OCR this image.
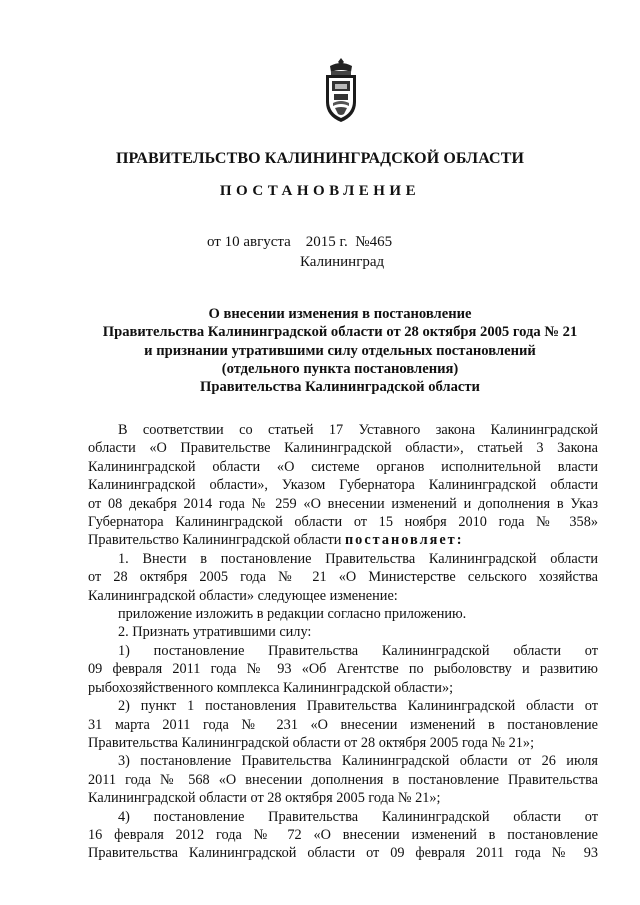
ПРАВИТЕЛЬСТВО КАЛИНИНГРАДСКОЙ ОБЛАСТИ
ПОСТАНОВЛЕНИЕ
от 10 августа    2015 г.  №465
Калининград
О внесении изменения в постановление
Правительства Калининградской области от 28 октября 2005 года № 21
и признании утратившими силу отдельных постановлений
(отдельного пункта постановления)
Правительства Калининградской области

В соответствии со статьей 17 Уставного закона Калининградской
области «О Правительстве Калининградской области», статьей 3 Закона
Калининградской области «О системе органов исполнительной власти
Калининградской области», Указом Губернатора Калининградской области
от 08 декабря 2014 года № 259 «О внесении изменений и дополнения в Указ
Губернатора Калининградской области от 15 ноября 2010 года № 358»
Правительство Калининградской области постановляет:

1. Внести в постановление Правительства Калининградской области
от 28 октября 2005 года № 21 «О Министерстве сельского хозяйства
Калининградской области» следующее изменение:

приложение изложить в редакции согласно приложению.

2. Признать утратившими силу:

1) постановление Правительства Калининградской области от
09 февраля 2011 года № 93 «Об Агентстве по рыболовству и развитию
рыбохозяйственного комплекса Калининградской области»;

2) пункт 1 постановления Правительства Калининградской области от
31 марта 2011 года № 231 «О внесении изменений в постановление
Правительства Калининградской области от 28 октября 2005 года № 21»;

3) постановление Правительства Калининградской области от 26 июля
2011 года № 568 «О внесении дополнения в постановление Правительства
Калининградской области от 28 октября 2005 года № 21»;

4) постановление Правительства Калининградской области от
16 февраля 2012 года № 72 «О внесении изменений в постановление
Правительства Калининградской области от 09 февраля 2011 года № 93
